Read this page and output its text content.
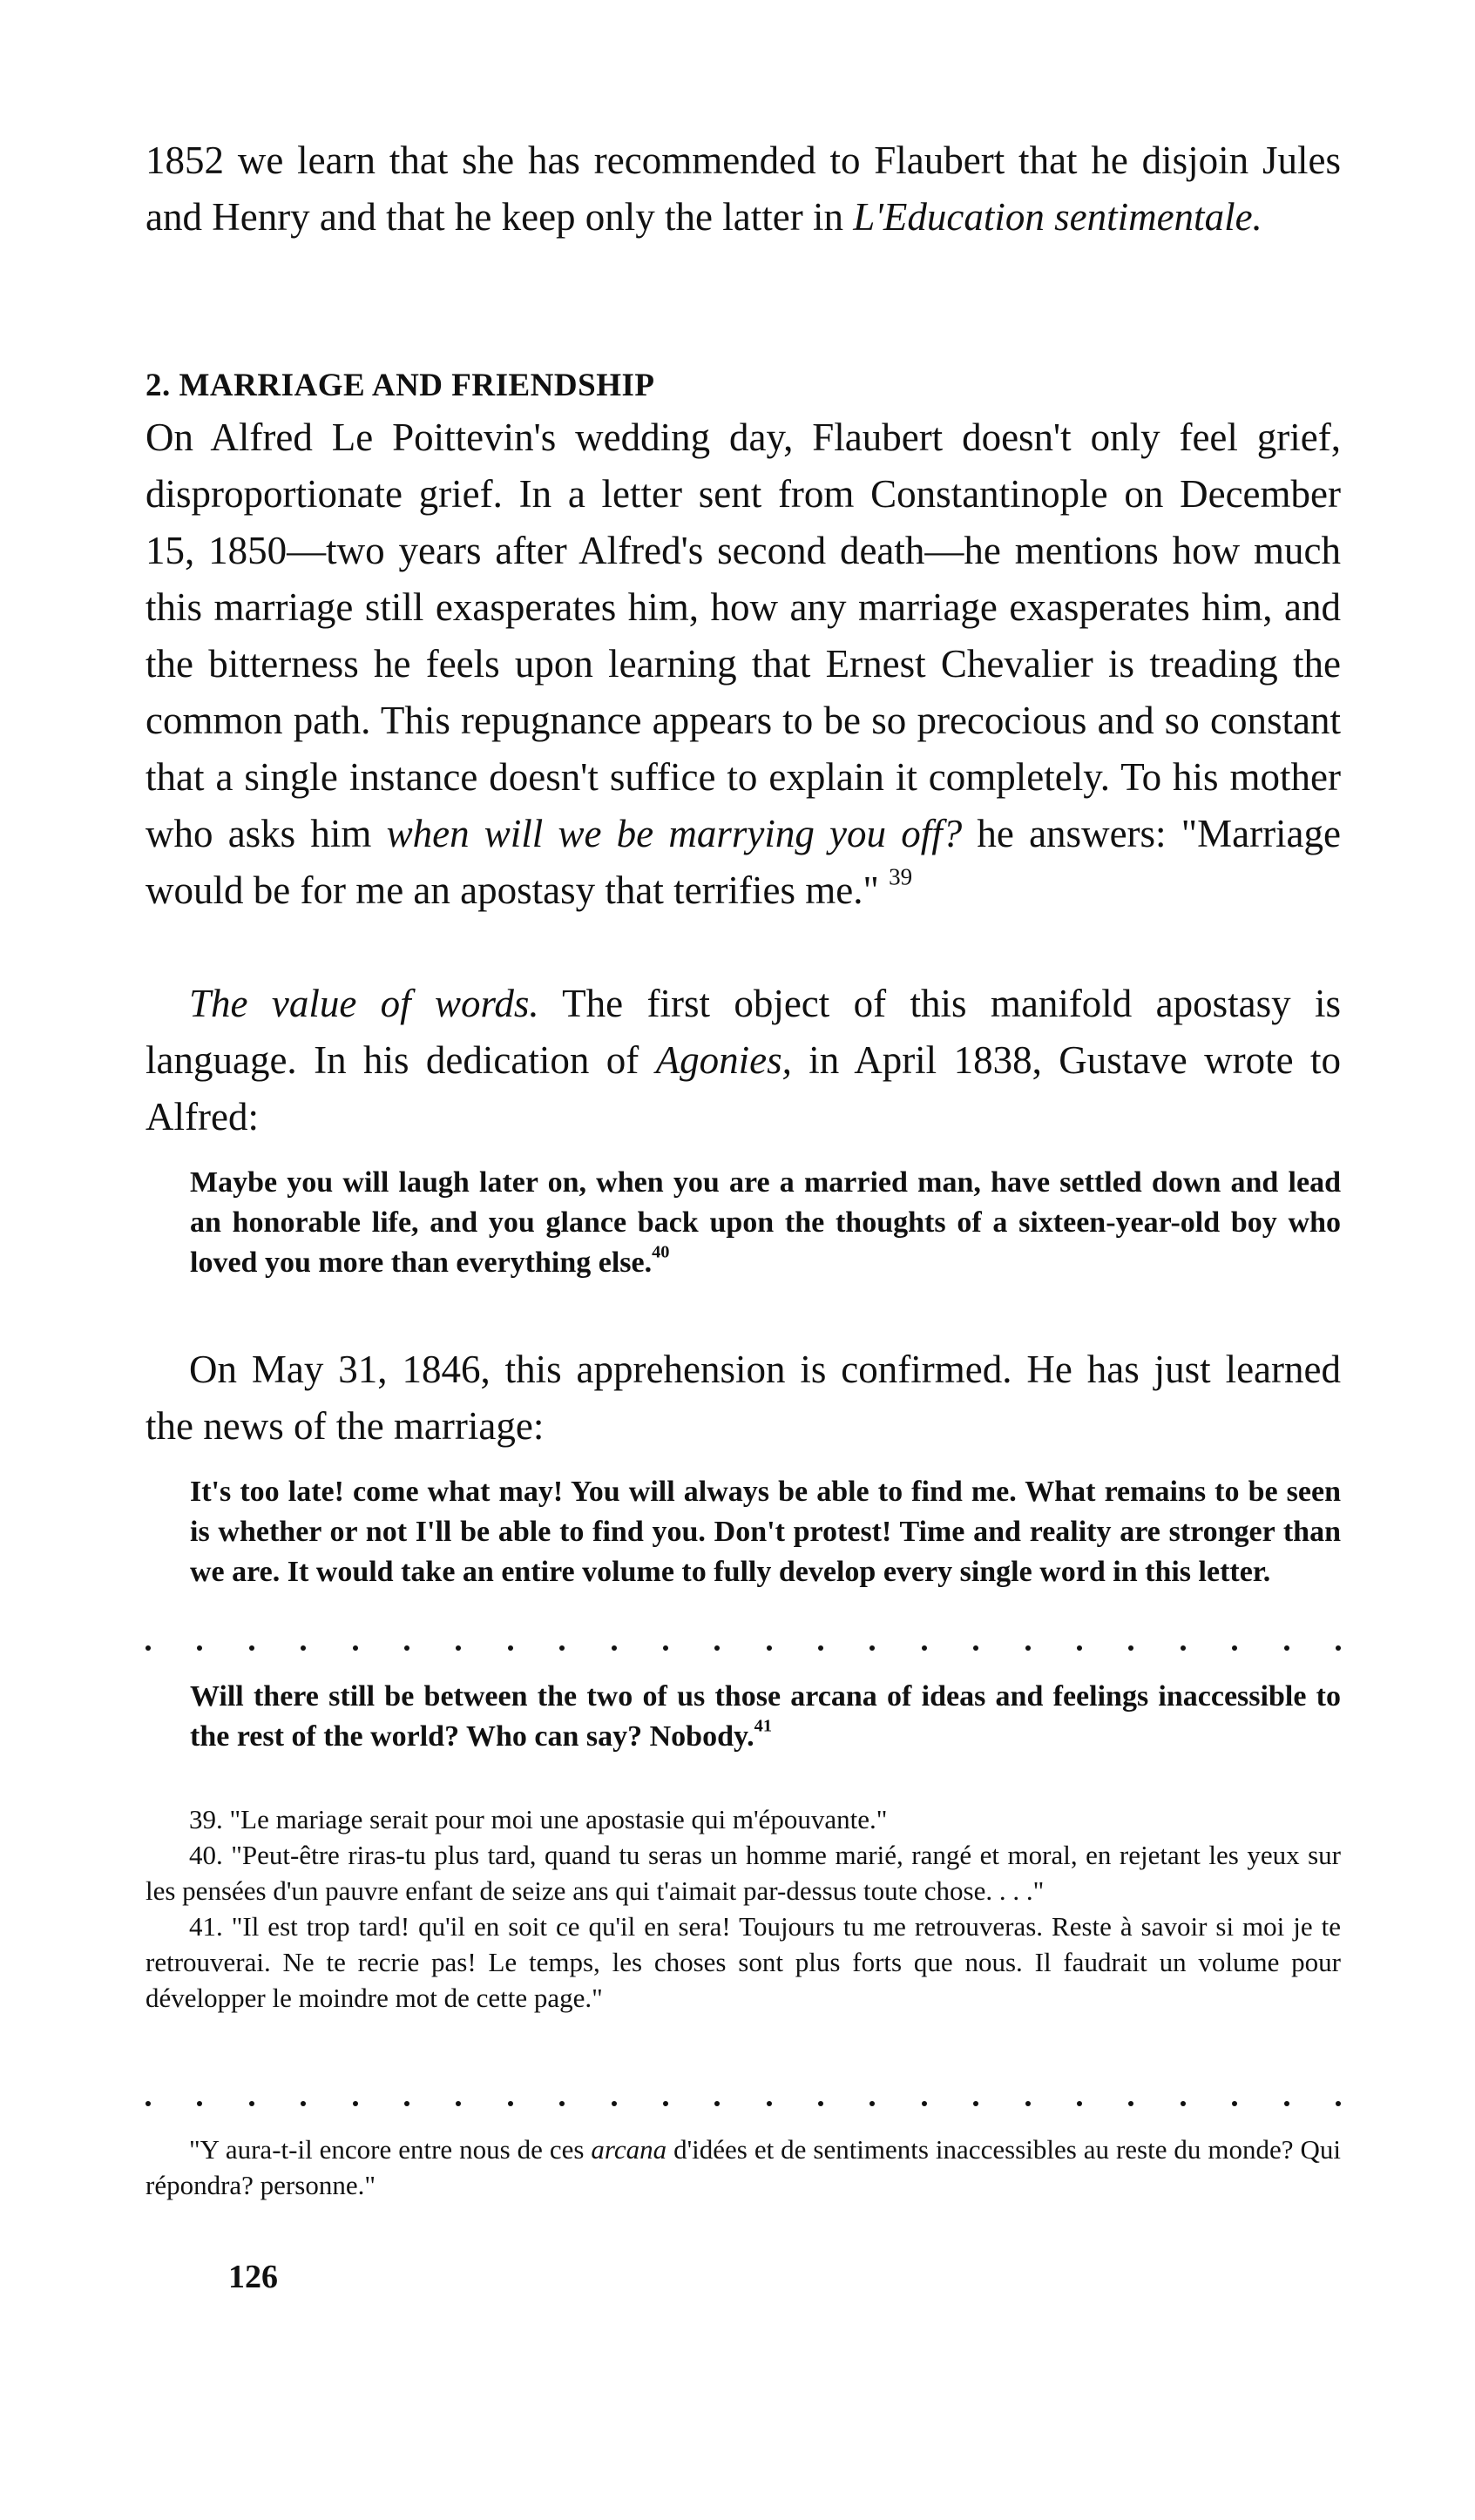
1852 we learn that she has recommended to Flaubert that he disjoin Jules and Henry and that he keep only the latter in L'Education sentimentale.

2. MARRIAGE AND FRIENDSHIP

On Alfred Le Poittevin's wedding day, Flaubert doesn't only feel grief, disproportionate grief. In a letter sent from Constantinople on December 15, 1850—two years after Alfred's second death—he mentions how much this marriage still exasperates him, how any marriage exasperates him, and the bitterness he feels upon learning that Ernest Chevalier is treading the common path. This repugnance appears to be so precocious and so constant that a single instance doesn't suffice to explain it completely. To his mother who asks him when will we be marrying you off? he answers: "Marriage would be for me an apostasy that terrifies me." $^{39}$

The value of words. The first object of this manifold apostasy is language. In his dedication of Agonies, in April 1838, Gustave wrote to Alfred:

Maybe you will laugh later on, when you are a married man, have settled down and lead an honorable life, and you glance back upon the thoughts of a sixteen-year-old boy who loved you more than everything else.$^{40}$

On May 31, 1846, this apprehension is confirmed. He has just learned the news of the marriage:

It's too late! come what may! You will always be able to find me. What remains to be seen is whether or not I'll be able to find you. Don't protest! Time and reality are stronger than we are. It would take an entire volume to fully develop every single word in this letter.

Will there still be between the two of us those arcana of ideas and feelings inaccessible to the rest of the world? Who can say? Nobody.$^{41}$

39. "Le mariage serait pour moi une apostasie qui m'épouvante."

40. "Peut-être riras-tu plus tard, quand tu seras un homme marié, rangé et moral, en rejetant les yeux sur les pensées d'un pauvre enfant de seize ans qui t'aimait par-dessus toute chose. . . ."

41. "Il est trop tard! qu'il en soit ce qu'il en sera! Toujours tu me retrouveras. Reste à savoir si moi je te retrouverai. Ne te recrie pas! Le temps, les choses sont plus forts que nous. Il faudrait un volume pour développer le moindre mot de cette page."

"Y aura-t-il encore entre nous de ces arcana d'idées et de sentiments inaccessibles au reste du monde? Qui répondra? personne."

126
